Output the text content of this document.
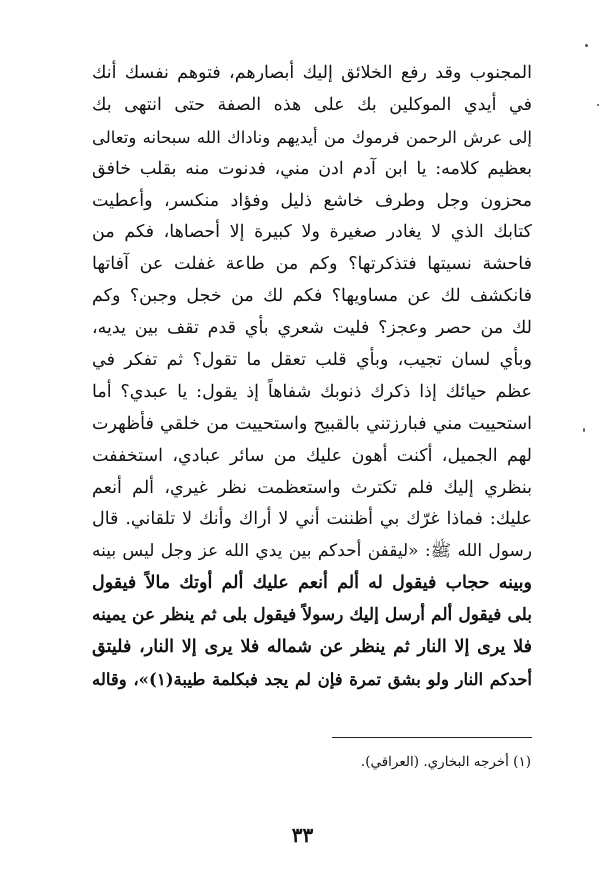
المجنوب وقد رفع الخلائق إليك أبصارهم، فتوهم نفسك أنك
في أيدي الموكلين بك على هذه الصفة حتى انتهى بك
إلى عرش الرحمن فرموك من أيديهم وناداك الله سبحانه وتعالى
بعظيم كلامه: يا ابن آدم ادن مني، فدنوت منه بقلب خافق
محزون وجل وطرف خاشع ذليل وفؤاد منكسر، وأعطيت
كتابك الذي لا يغادر صغيرة ولا كبيرة إلا أحصاها، فكم من
فاحشة نسيتها فتذكرتها؟ وكم من طاعة غفلت عن آفاتها
فانكشف لك عن مساويها؟ فكم لك من خجل وجبن؟ وكم
لك من حصر وعجز؟ فليت شعري بأي قدم تقف بين يديه،
وبأي لسان تجيب، وبأي قلب تعقل ما تقول؟ ثم تفكر في
عظم حيائك إذا ذكرك ذنوبك شفاهاً إذ يقول: يا عبدي؟ أما
استحييت مني فبارزتني بالقبيح واستحييت من خلقي فأظهرت
لهم الجميل، أكنت أهون عليك من سائر عبادي، استخففت
بنظري إليك فلم تكترث واستعظمت نظر غيري، ألم أنعم
عليك: فماذا غرّك بي أظننت أني لا أراك وأنك لا تلقاني. قال
رسول الله ﷺ: «ليقفن أحدكم بين يدي الله عز وجل ليس بينه
وبينه حجاب فيقول له ألم أنعم عليك ألم أوتك مالاً فيقول
بلى فيقول ألم أرسل إليك رسولاً فيقول بلى ثم ينظر عن يمينه
فلا يرى إلا النار ثم ينظر عن شماله فلا يرى إلا النار، فليتق
أحدكم النار ولو بشق تمرة فإن لم يجد فبكلمة طيبة(١)»، وقاله
(١) أخرجه البخاري. (العراقي).
٣٣
